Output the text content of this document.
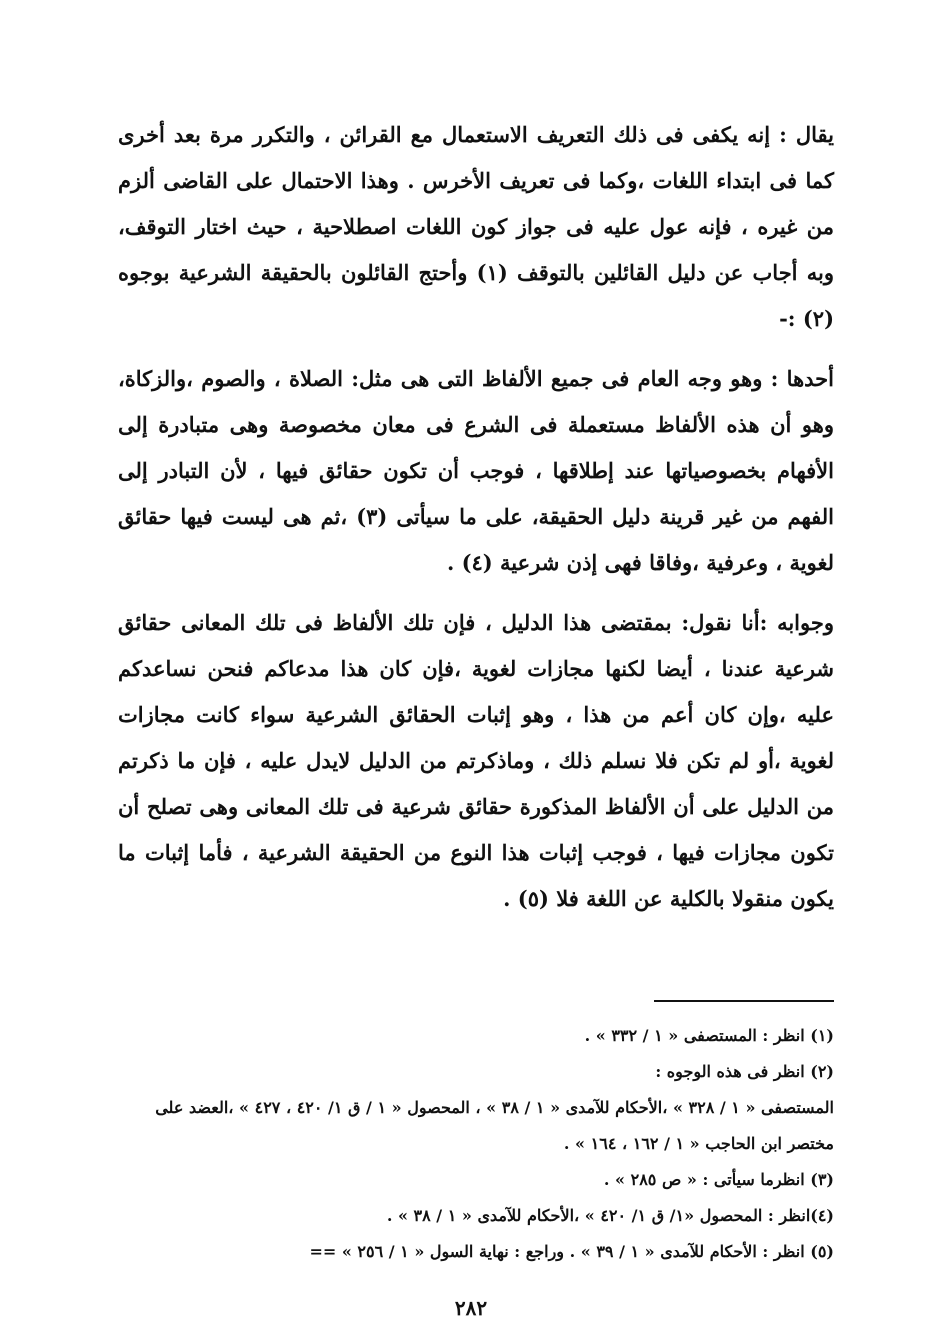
يقال : إنه يكفى فى ذلك التعريف الاستعمال مع القرائن ، والتكرر مرة بعد أخرى كما فى ابتداء اللغات ،وكما فى تعريف الأخرس . وهذا الاحتمال على القاضى ألزم من غيره ، فإنه عول عليه فى جواز كون اللغات اصطلاحية ، حيث اختار التوقف، وبه أجاب عن دليل القائلين بالتوقف (١) وأحتج القائلون بالحقيقة الشرعية بوجوه (٢) :-

أحدها : وهو وجه العام فى جميع الألفاظ التى هى مثل: الصلاة ، والصوم ،والزكاة، وهو أن هذه الألفاظ مستعملة فى الشرع فى معان مخصوصة وهى متبادرة إلى الأفهام بخصوصياتها عند إطلاقها ، فوجب أن تكون حقائق فيها ، لأن التبادر إلى الفهم من غير قرينة دليل الحقيقة، على ما سيأتى (٣) ،ثم هى ليست فيها حقائق لغوية ، وعرفية ،وفاقا فهى إذن شرعية (٤) .

وجوابه :أنا نقول: بمقتضى هذا الدليل ، فإن تلك الألفاظ فى تلك المعانى حقائق شرعية عندنا ، أيضا لكنها مجازات لغوية ،فإن كان هذا مدعاكم فنحن نساعدكم عليه ،وإن كان أعم من هذا ، وهو إثبات الحقائق الشرعية سواء كانت مجازات لغوية ،أو لم تكن فلا نسلم ذلك ، وماذكرتم من الدليل لايدل عليه ، فإن ما ذكرتم من الدليل على أن الألفاظ المذكورة حقائق شرعية فى تلك المعانى وهى تصلح أن تكون مجازات فيها ، فوجب إثبات هذا النوع من الحقيقة الشرعية ، فأما إثبات ما يكون منقولا بالكلية عن اللغة فلا (٥) .

(١) انظر : المستصفى « ١ / ٣٣٢ » .

(٢) انظر فى هذه الوجوه :

المستصفى « ١ / ٣٢٨ » ،الأحكام للآمدى « ١ / ٣٨ » ، المحصول « ١ / ق ١/ ٤٢٠ ، ٤٢٧ » ،العضد على مختصر ابن الحاجب « ١ / ١٦٢ ، ١٦٤ » .

(٣) انظرما سيأتى : « ص ٢٨٥ » .

(٤)انظر : المحصول «١/ ق ١/ ٤٢٠ » ،الأحكام للآمدى « ١ / ٣٨ » .

(٥) انظر : الأحكام للآمدى « ١ / ٣٩ » . وراجع : نهاية السول « ١ / ٢٥٦ » ==

٢٨٢
